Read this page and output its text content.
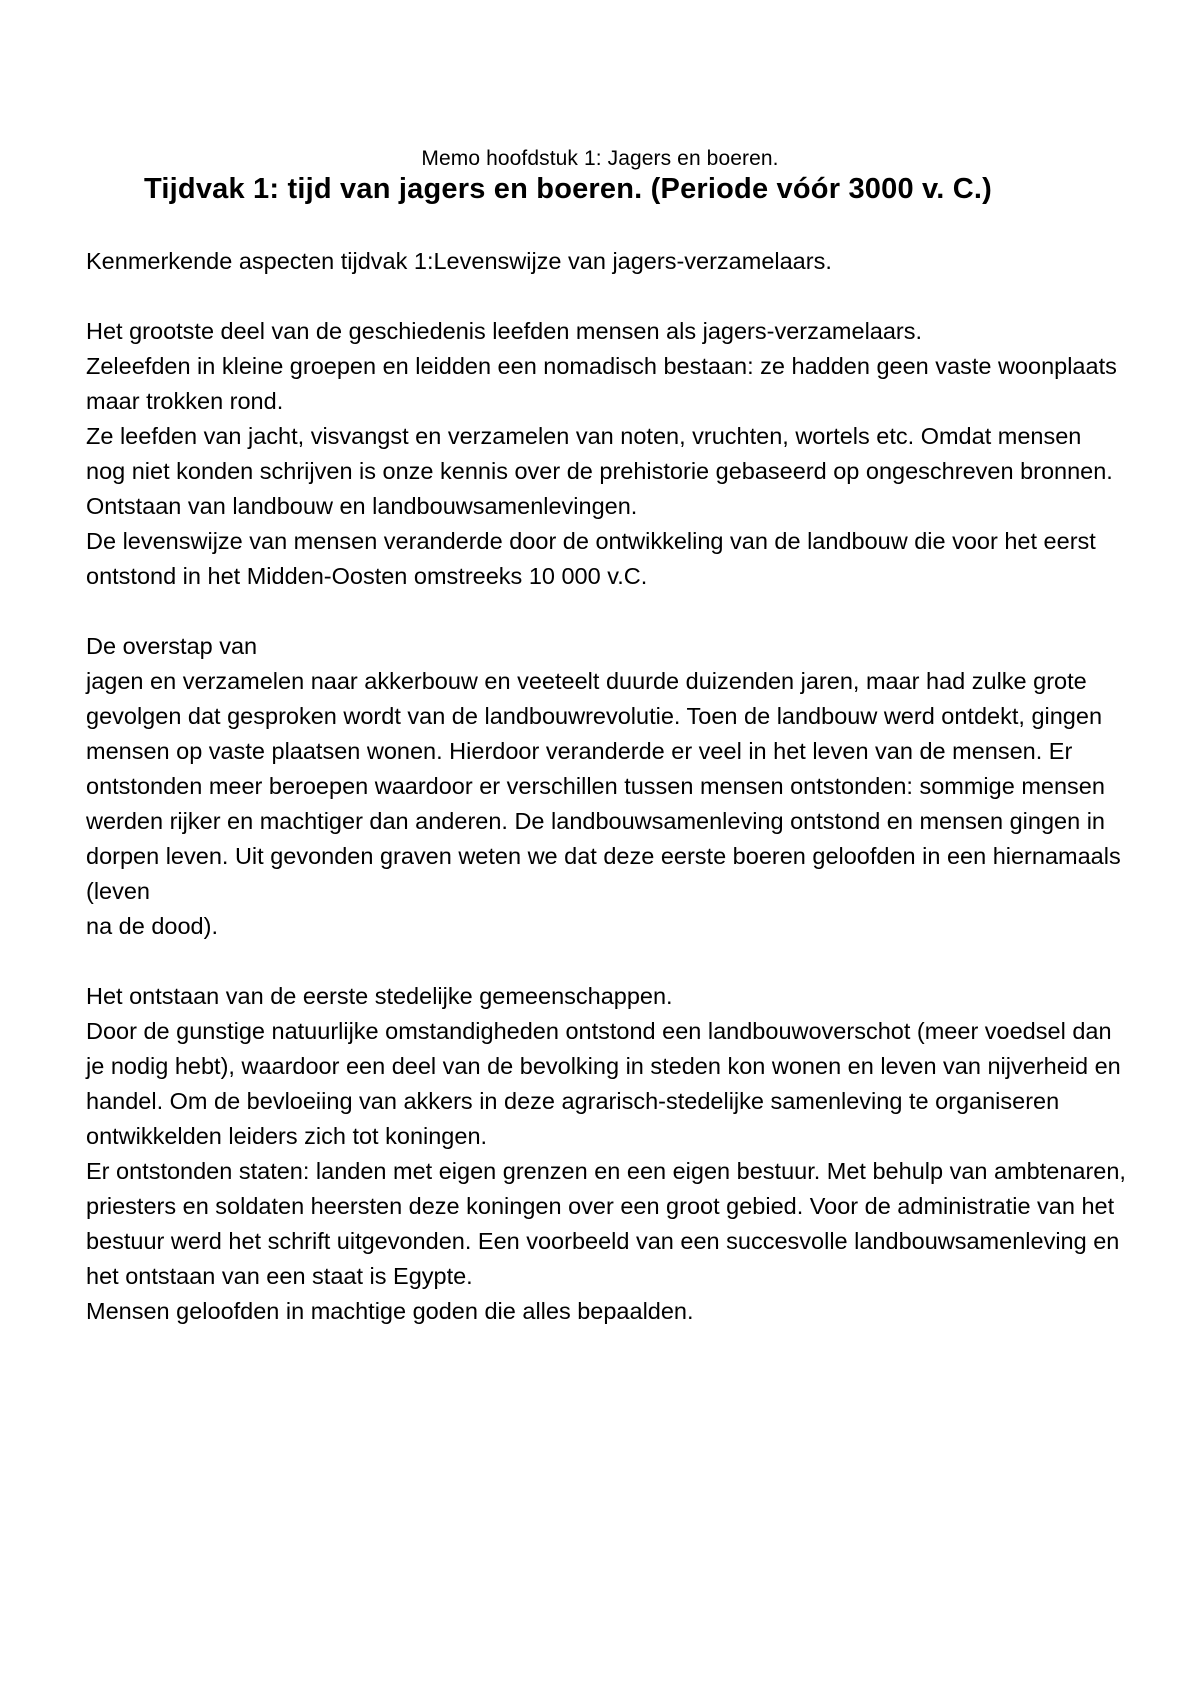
Memo hoofdstuk 1: Jagers en boeren.
Tijdvak 1: tijd van jagers en boeren. (Periode vóór 3000 v. C.)

Kenmerkende aspecten tijdvak 1:Levenswijze van jagers-verzamelaars.

Het grootste deel van de geschiedenis leefden mensen als jagers-verzamelaars.

Zeleefden in kleine groepen en leidden een nomadisch bestaan: ze hadden geen vaste woonplaats maar trokken rond.

Ze leefden van jacht, visvangst en verzamelen van noten, vruchten, wortels etc. Omdat mensen nog niet konden schrijven is onze kennis over de prehistorie gebaseerd op ongeschreven bronnen.

Ontstaan van landbouw en landbouwsamenlevingen.

De levenswijze van mensen veranderde door de ontwikkeling van de landbouw die voor het eerst ontstond in het Midden-Oosten omstreeks 10 000 v.C.

De overstap van

jagen en verzamelen naar akkerbouw en veeteelt duurde duizenden jaren, maar had zulke grote gevolgen dat gesproken wordt van de landbouwrevolutie. Toen de landbouw werd ontdekt, gingen mensen op vaste plaatsen wonen. Hierdoor veranderde er veel in het leven van de mensen. Er ontstonden meer beroepen waardoor er verschillen tussen mensen ontstonden: sommige mensen werden rijker en machtiger dan anderen. De landbouwsamenleving ontstond en mensen gingen in dorpen leven. Uit gevonden graven weten we dat deze eerste boeren geloofden in een hiernamaals (leven

na de dood).

Het ontstaan van de eerste stedelijke gemeenschappen.

Door de gunstige natuurlijke omstandigheden ontstond een landbouwoverschot (meer voedsel dan je nodig hebt), waardoor een deel van de bevolking in steden kon wonen en leven van nijverheid en handel. Om de bevloeiing van akkers in deze agrarisch-stedelijke samenleving te organiseren ontwikkelden leiders zich tot koningen.

Er ontstonden staten: landen met eigen grenzen en een eigen bestuur. Met behulp van ambtenaren, priesters en soldaten heersten deze koningen over een groot gebied. Voor de administratie van het bestuur werd het schrift uitgevonden. Een voorbeeld van een succesvolle landbouwsamenleving en het ontstaan van een staat is Egypte.

Mensen geloofden in machtige goden die alles bepaalden.
